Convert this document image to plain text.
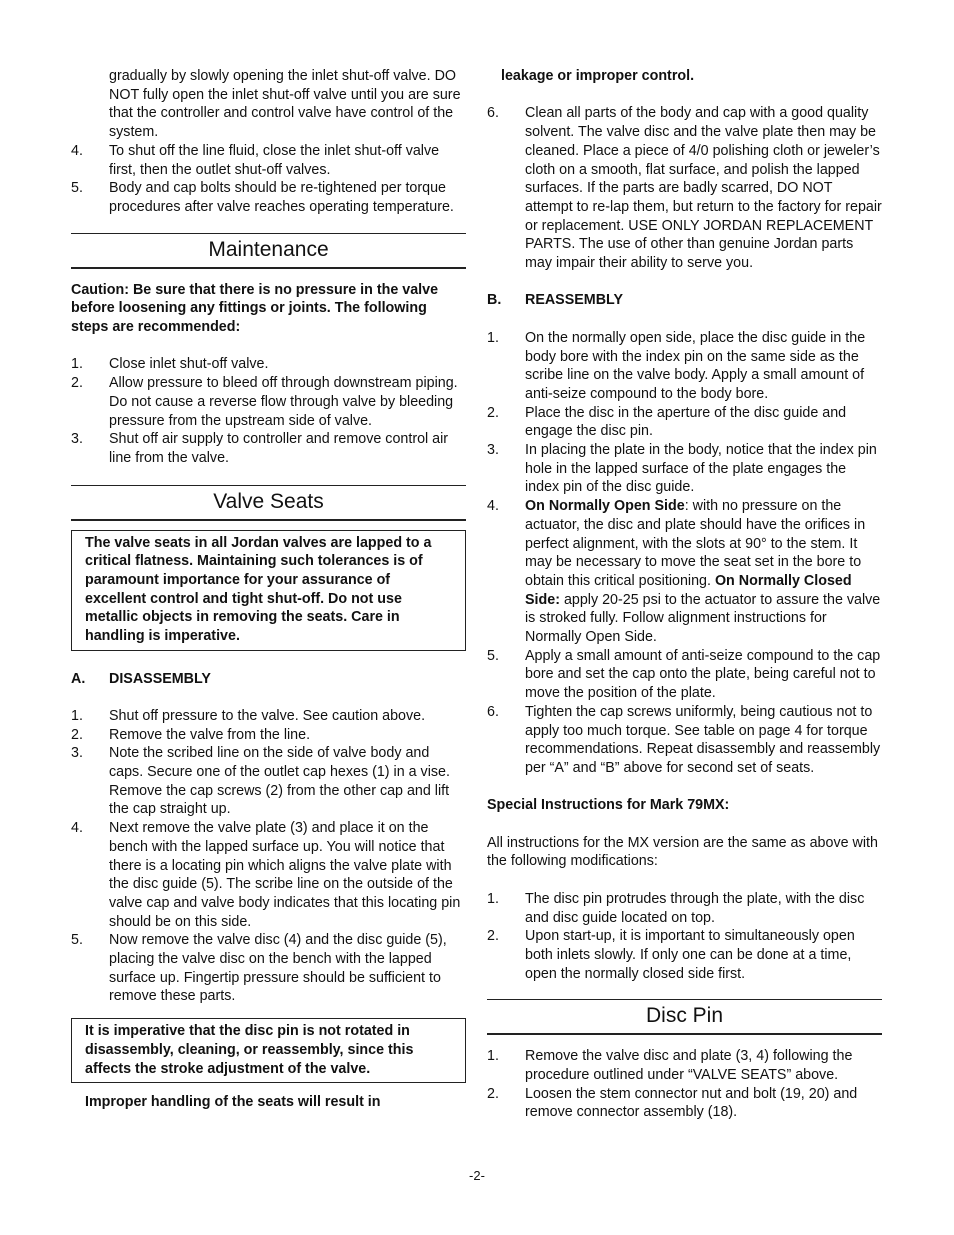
gradually by slowly opening the inlet shut-off valve. DO NOT fully open the inlet shut-off valve until you are sure that the controller and control valve have control of the system.

4. To shut off the line fluid, close the inlet shut-off valve first, then the outlet shut-off valves.
5. Body and cap bolts should be re-tightened per torque procedures after valve reaches operating temperature.
Maintenance

Caution: Be sure that there is no pressure in the valve before loosening any fittings or joints. The following steps are recommended:

1. Close inlet shut-off valve.
2. Allow pressure to bleed off through downstream piping. Do not cause a reverse flow through valve by bleeding pressure from the upstream side of valve.
3. Shut off air supply to controller and remove control air line from the valve.
Valve Seats
The valve seats in all Jordan valves are lapped to a critical flatness. Maintaining such tolerances is of paramount importance for your assurance of excellent control and tight shut-off. Do not use metallic objects in removing the seats. Care in handling is imperative.
A.	DISASSEMBLY
1. Shut off pressure to the valve. See caution above.
2. Remove the valve from the line.
3. Note the scribed line on the side of valve body and caps. Secure one of the outlet cap hexes (1) in a vise. Remove the cap screws (2) from the other cap and lift the cap straight up.
4. Next remove the valve plate (3) and place it on the bench with the lapped surface up. You will notice that there is a locating pin which aligns the valve plate with the disc guide (5). The scribe line on the outside of the valve cap and valve body indicates that this locating pin should be on this side.
5. Now remove the valve disc (4) and the disc guide (5), placing the valve disc on the bench with the lapped surface up. Fingertip pressure should be sufficient to remove these parts.
It is imperative that the disc pin is not rotated in disassembly, cleaning, or reassembly, since this affects the stroke adjustment of the valve.

Improper handling of the seats will result in

leakage or improper control.

6. Clean all parts of the body and cap with a good quality solvent. The valve disc and the valve plate then may be cleaned. Place a piece of 4/0 polishing cloth or jeweler’s cloth on a smooth, flat surface, and polish the lapped surfaces. If the parts are badly scarred, DO NOT attempt to re-lap them, but return to the factory for repair or replacement. USE ONLY JORDAN REPLACEMENT PARTS. The use of other than genuine Jordan parts may impair their ability to serve you.
B.	REASSEMBLY
1. On the normally open side, place the disc guide in the body bore with the index pin on the same side as the scribe line on the valve body. Apply a small amount of anti-seize compound to the body bore.
2. Place the disc in the aperture of the disc guide and engage the disc pin.
3. In placing the plate in the body, notice that the index pin hole in the lapped surface of the plate engages the index pin of the disc guide.
4. On Normally Open Side: with no pressure on the actuator, the disc and plate should have the orifices in perfect alignment, with the slots at 90° to the stem. It may be necessary to move the seat set in the bore to obtain this critical positioning. On Normally Closed Side: apply 20-25 psi to the actuator to assure the valve is stroked fully. Follow alignment instructions for Normally Open Side.
5. Apply a small amount of anti-seize compound to the cap bore and set the cap onto the plate, being careful not to move the position of the plate.
6. Tighten the cap screws uniformly, being cautious not to apply too much torque. See table on page 4 for torque recommendations. Repeat disassembly and reassembly per “A” and “B” above for second set of seats.

Special Instructions for Mark 79MX:

All instructions for the MX version are the same as above with the following modifications:

1. The disc pin protrudes through the plate, with the disc and disc guide located on top.
2. Upon start-up, it is important to simultaneously open both inlets slowly. If only one can be done at a time, open the normally closed side first.
Disc Pin
1. Remove the valve disc and plate (3, 4) following the procedure outlined under “VALVE SEATS” above.
2. Loosen the stem connector nut and bolt (19, 20) and remove connector assembly (18).
-2-
